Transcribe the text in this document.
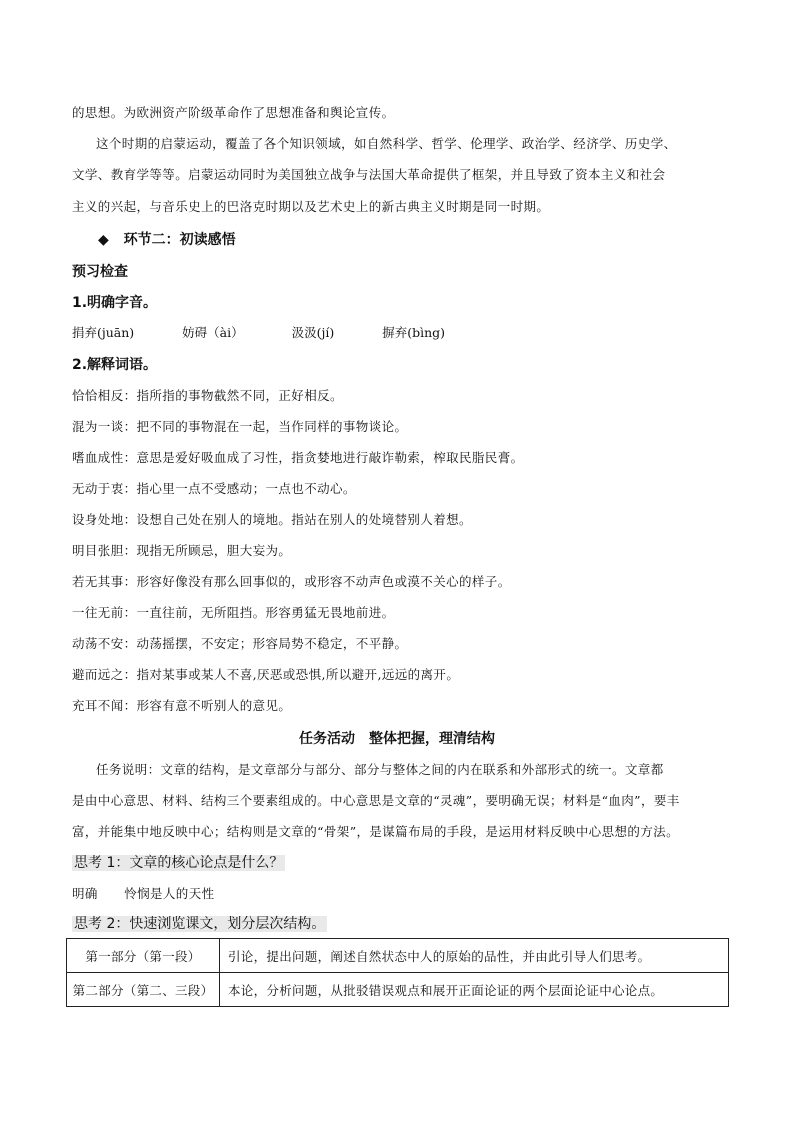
的思想。为欧洲资产阶级革命作了思想准备和舆论宣传。
这个时期的启蒙运动，覆盖了各个知识领域，如自然科学、哲学、伦理学、政治学、经济学、历史学、
文学、教育学等等。启蒙运动同时为美国独立战争与法国大革命提供了框架，并且导致了资本主义和社会
主义的兴起，与音乐史上的巴洛克时期以及艺术史上的新古典主义时期是同一时期。
◆ 环节二：初读感悟
预习检查
1.明确字音。
捐弃(juān)	妨碍（ài）	汲汲(jí)	摒弃(bìng)
2.解释词语。
恰恰相反：指所指的事物截然不同，正好相反。
混为一谈：把不同的事物混在一起，当作同样的事物谈论。
嗜血成性：意思是爱好吸血成了习性，指贪婪地进行敲诈勒索，榨取民脂民膏。
无动于衷：指心里一点不受感动；一点也不动心。
设身处地：设想自己处在别人的境地。指站在别人的处境替别人着想。
明目张胆：现指无所顾忌，胆大妄为。
若无其事：形容好像没有那么回事似的，或形容不动声色或漠不关心的样子。
一往无前：一直往前，无所阻挡。形容勇猛无畏地前进。
动荡不安：动荡摇摆，不安定；形容局势不稳定，不平静。
避而远之：指对某事或某人不喜,厌恶或恐惧,所以避开,远远的离开。
充耳不闻：形容有意不听别人的意见。
任务活动　整体把握，理清结构
任务说明：文章的结构，是文章部分与部分、部分与整体之间的内在联系和外部形式的统一。文章都
是由中心意思、材料、结构三个要素组成的。中心意思是文章的“灵魂”，要明确无误；材料是“血肉”，要丰
富，并能集中地反映中心；结构则是文章的“骨架”，是谋篇布局的手段，是运用材料反映中心思想的方法。
思考 1：文章的核心论点是什么？
明确 怜悯是人的天性
思考 2：快速浏览课文，划分层次结构。
第一部分（第一段）	引论，提出问题，阐述自然状态中人的原始的品性，并由此引导人们思考。
第二部分（第二、三段）	本论，分析问题，从批驳错误观点和展开正面论证的两个层面论证中心论点。
